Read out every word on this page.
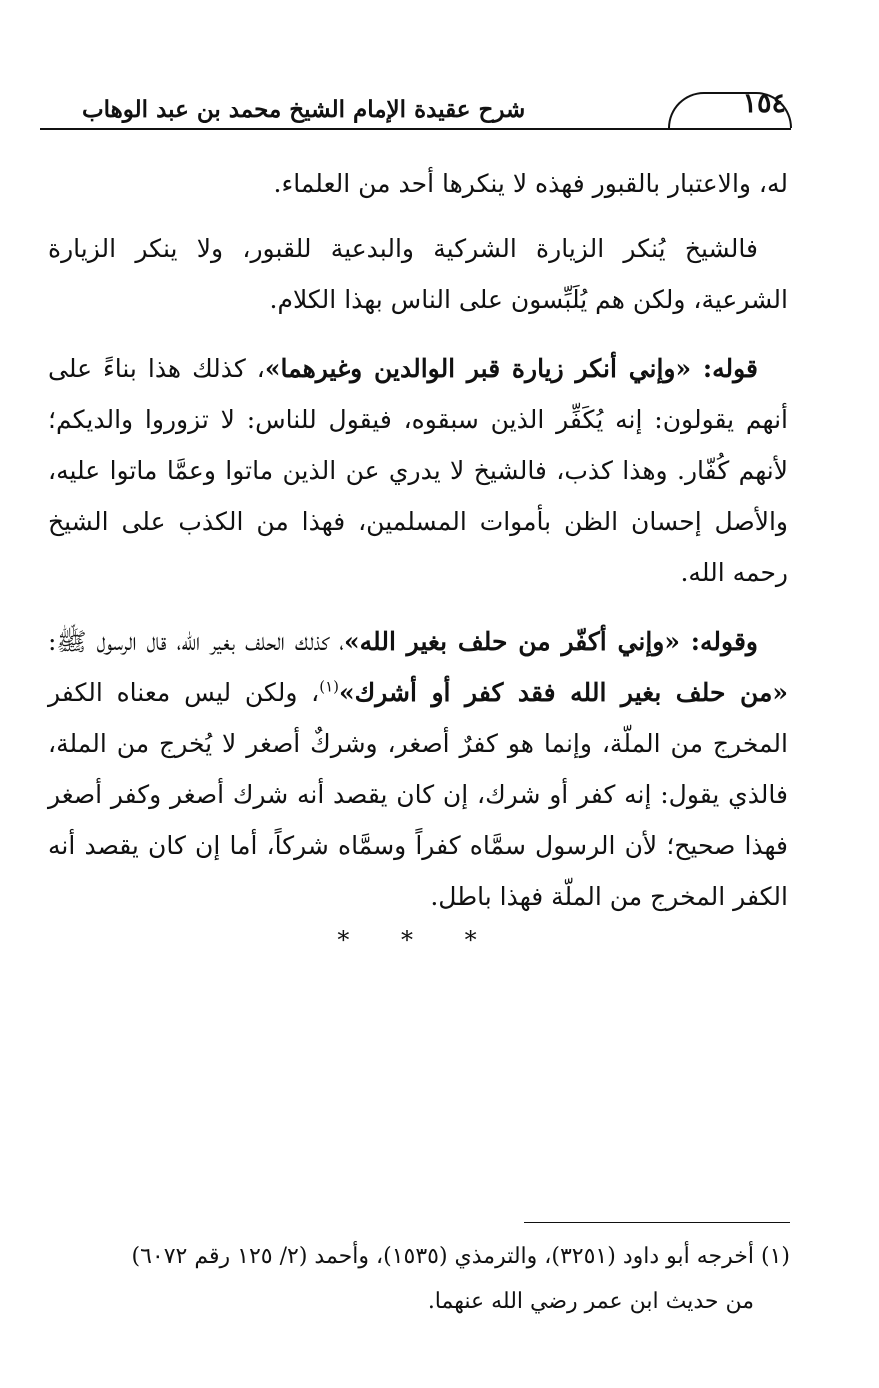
١٥٤
شرح عقيدة الإمام الشيخ محمد بن عبد الوهاب

له، والاعتبار بالقبور فهذه لا ينكرها أحد من العلماء.

فالشيخ يُنكر الزيارة الشركية والبدعية للقبور، ولا ينكر الزيارة الشرعية، ولكن هم يُلَبِّسون على الناس بهذا الكلام.

قوله: «وإني أنكر زيارة قبر الوالدين وغيرهما»، كذلك هذا بناءً على أنهم يقولون: إنه يُكَفِّر الذين سبقوه، فيقول للناس: لا تزوروا والديكم؛ لأنهم كُفّار. وهذا كذب، فالشيخ لا يدري عن الذين ماتوا وعمَّا ماتوا عليه، والأصل إحسان الظن بأموات المسلمين، فهذا من الكذب على الشيخ رحمه الله.

وقوله: «وإني أكفّر من حلف بغير الله»، كذلك الحلف بغير الله، قال الرسول ﷺ: «من حلف بغير الله فقد كفر أو أشرك»$^{(١)}$، ولكن ليس معناه الكفر المخرج من الملّة، وإنما هو كفرٌ أصغر، وشركٌ أصغر لا يُخرج من الملة، فالذي يقول: إنه كفر أو شرك، إن كان يقصد أنه شرك أصغر وكفر أصغر فهذا صحيح؛ لأن الرسول سمَّاه كفراً وسمَّاه شركاً، أما إن كان يقصد أنه الكفر المخرج من الملّة فهذا باطل.

* * *

(١) أخرجه أبو داود (٣٢٥١)، والترمذي (١٥٣٥)، وأحمد (٢/ ١٢٥ رقم ٦٠٧٢)
من حديث ابن عمر رضي الله عنهما.
